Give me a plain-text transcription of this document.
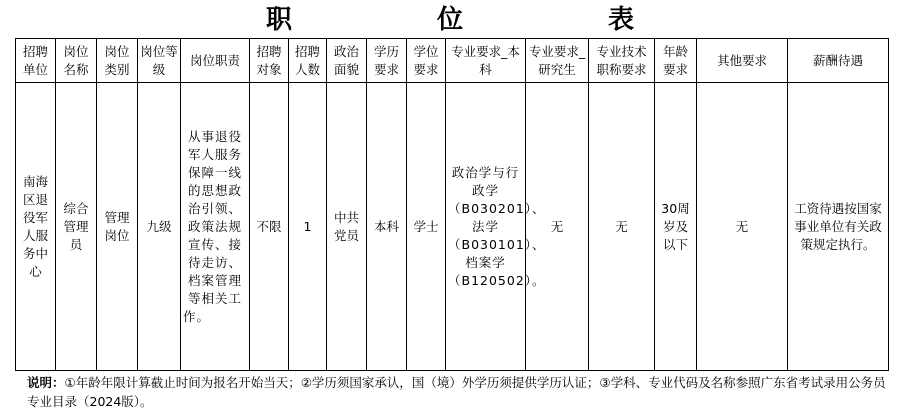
职 位 表
招聘单位	岗位名称	岗位类别	岗位等级	岗位职责	招聘对象	招聘人数	政治面貌	学历要求	学位要求	专业要求_本科	专业要求_研究生	专业技术职称要求	年龄要求	其他要求	薪酬待遇
南海区退役军人服务中心	综合管理员	管理岗位	九级	从事退役军人服务保障一线的思想政治引领、政策法规宣传、接待走访、档案管理等相关工作。	不限	1	中共党员	本科	学士	政治学与行政学（B030201）、法学（B030101）、档案学（B120502）。	无	无	30周岁及以下	无	工资待遇按国家事业单位有关政策规定执行。
说明：①年龄年限计算截止时间为报名开始当天；②学历须国家承认，国（境）外学历须提供学历认证；③学科、专业代码及名称参照广东省考试录用公务员专业目录（2024版）。
